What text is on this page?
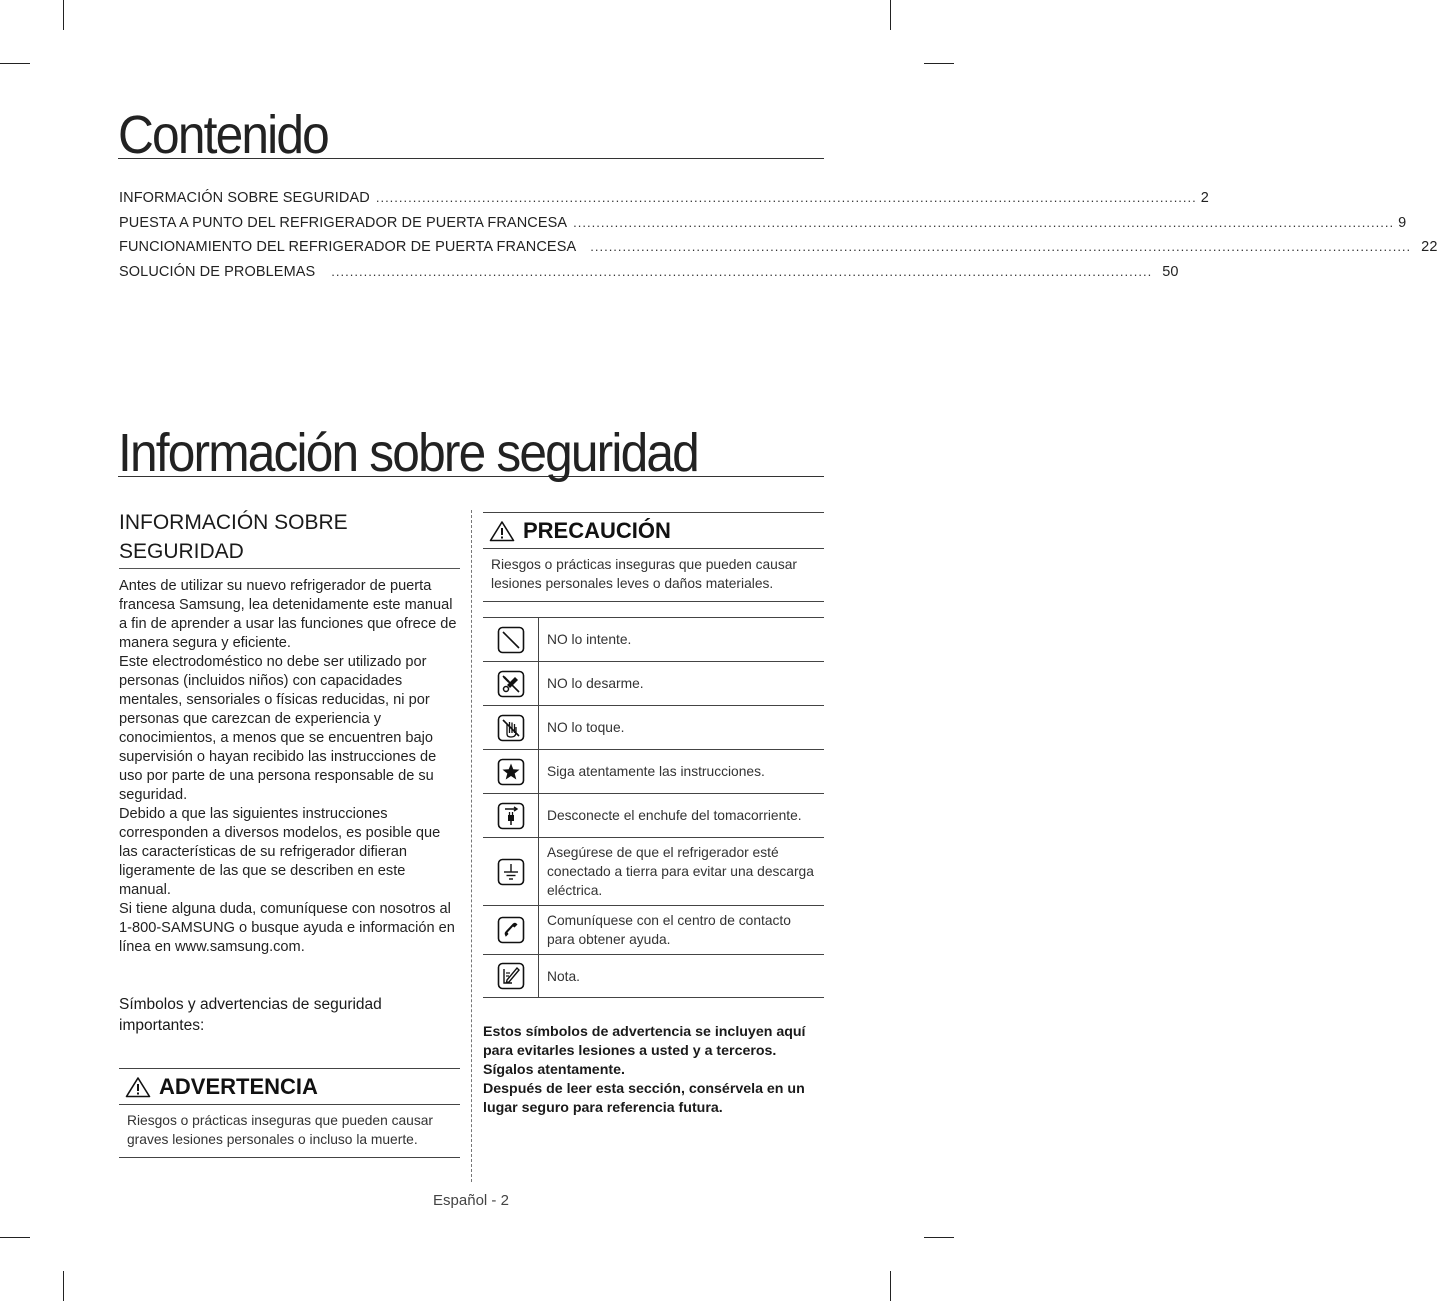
Contenido
INFORMACIÓN SOBRE SEGURIDAD .................................................................................................................................................................................. 2
PUESTA A PUNTO DEL REFRIGERADOR DE PUERTA FRANCESA .................................................................................................................................................................................. 9
FUNCIONAMIENTO DEL REFRIGERADOR DE PUERTA FRANCESA .................................................................................................................................................................................. 22
SOLUCIÓN DE PROBLEMAS .................................................................................................................................................................................. 50
Información sobre seguridad
INFORMACIÓN SOBRE
SEGURIDAD

Antes de utilizar su nuevo refrigerador de puerta francesa Samsung, lea detenidamente este manual a fin de aprender a usar las funciones que ofrece de manera segura y eficiente.

Este electrodoméstico no debe ser utilizado por personas (incluidos niños) con capacidades mentales, sensoriales o físicas reducidas, ni por personas que carezcan de experiencia y conocimientos, a menos que se encuentren bajo supervisión o hayan recibido las instrucciones de uso por parte de una persona responsable de su seguridad.

Debido a que las siguientes instrucciones corresponden a diversos modelos, es posible que las características de su refrigerador difieran ligeramente de las que se describen en este manual.

Si tiene alguna duda, comuníquese con nosotros al 1-800-SAMSUNG o busque ayuda e información en línea en www.samsung.com.

Símbolos y advertencias de seguridad importantes:
ADVERTENCIA
Riesgos o prácticas inseguras que pueden causar graves lesiones personales o incluso la muerte.
PRECAUCIÓN
Riesgos o prácticas inseguras que pueden causar lesiones personales leves o daños materiales.
NO lo intente.
NO lo desarme.
NO lo toque.
Siga atentamente las instrucciones.
Desconecte el enchufe del tomacorriente.
Asegúrese de que el refrigerador esté conectado a tierra para evitar una descarga eléctrica.
Comuníquese con el centro de contacto para obtener ayuda.
Nota.

Estos símbolos de advertencia se incluyen aquí para evitarles lesiones a usted y a terceros. Sígalos atentamente.

Después de leer esta sección, consérvela en un lugar seguro para referencia futura.

Español - 2
